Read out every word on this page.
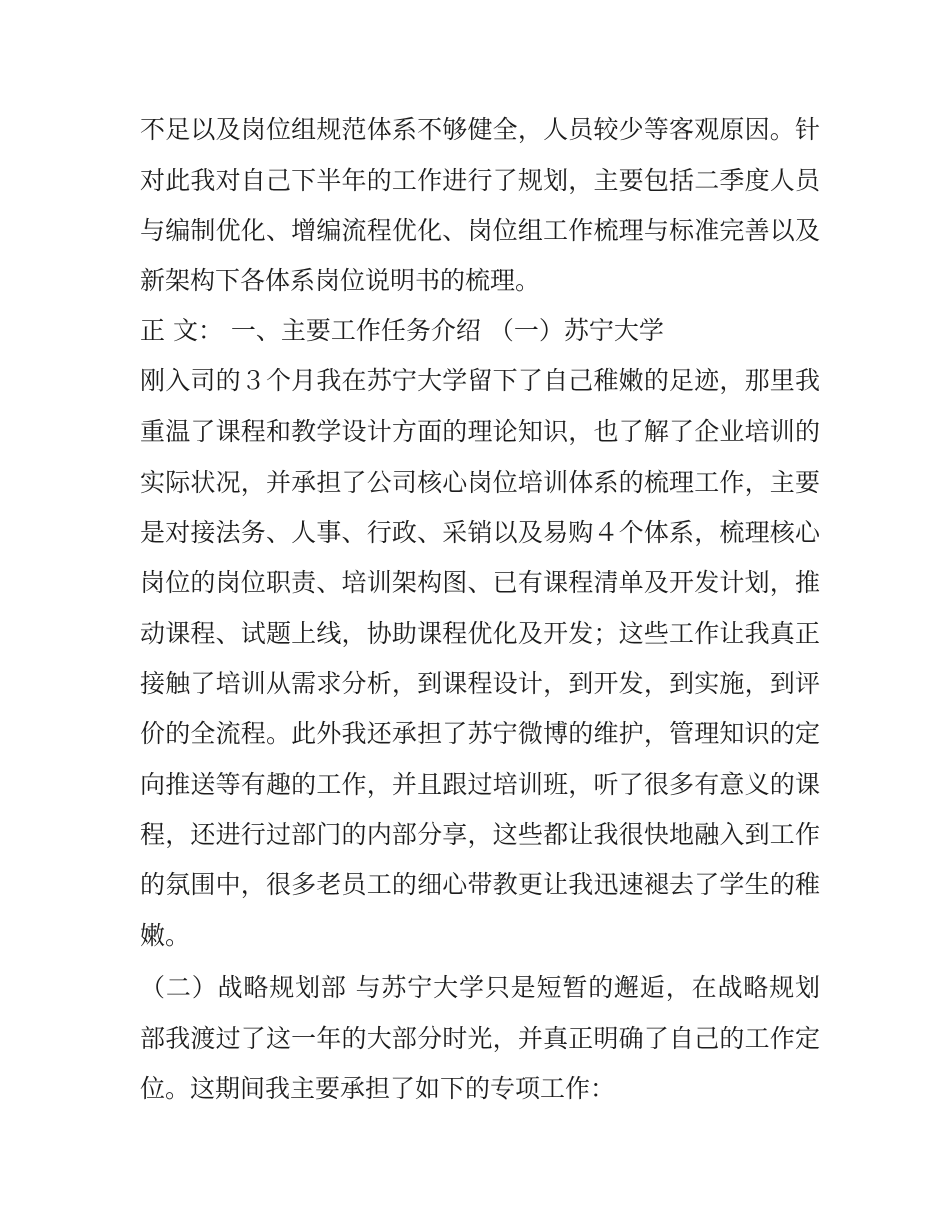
不足以及岗位组规范体系不够健全，人员较少等客观原因。针
对此我对自己下半年的工作进行了规划，主要包括二季度人员
与编制优化、增编流程优化、岗位组工作梳理与标准完善以及
新架构下各体系岗位说明书的梳理。
正 文： 一、主要工作任务介绍 （一）苏宁大学
刚入司的３个月我在苏宁大学留下了自己稚嫩的足迹，那里我
重温了课程和教学设计方面的理论知识，也了解了企业培训的
实际状况，并承担了公司核心岗位培训体系的梳理工作，主要
是对接法务、人事、行政、采销以及易购４个体系，梳理核心
岗位的岗位职责、培训架构图、已有课程清单及开发计划，推
动课程、试题上线，协助课程优化及开发；这些工作让我真正
接触了培训从需求分析，到课程设计，到开发，到实施，到评
价的全流程。此外我还承担了苏宁微博的维护，管理知识的定
向推送等有趣的工作，并且跟过培训班，听了很多有意义的课
程，还进行过部门的内部分享，这些都让我很快地融入到工作
的氛围中，很多老员工的细心带教更让我迅速褪去了学生的稚
嫩。
（二）战略规划部 与苏宁大学只是短暂的邂逅，在战略规划
部我渡过了这一年的大部分时光，并真正明确了自己的工作定
位。这期间我主要承担了如下的专项工作：
